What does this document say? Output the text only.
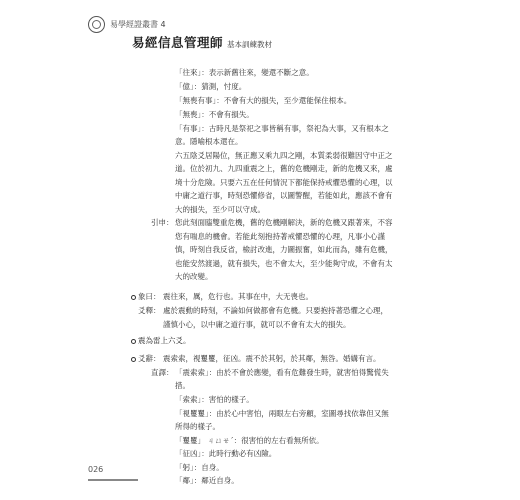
易學經證叢書 4
易經信息管理師 基本訓練教材
「往來」：表示新舊往來，變還不斷之意。
「億」：猜測，忖度。
「無喪有事」：不會有大的損失，至少還能保住根本。
「無喪」：不會有損失。
「有事」：古時凡是祭祀之事皆稱有事，祭祀為大事，又有根本之
意。隱喻根本還在。
六五陰爻居陽位，無正應又乘九四之剛，本質柔弱很難因守中正之
道。位於初九、九四重震之上，舊的危機剛走，新的危機又來，處
境十分危險。只要六五在任何情況下都能保持戒懼恐懼的心理，以
中庸之道行事，時刻恐懼修省，以圖警醒，若能如此，應該不會有
大的損失，至少可以守成。
引申： 您此刻面臨雙重危機，舊的危機剛解決，新的危機又跟著來，不容
您有喘息的機會。若能此刻抱持著戒懼恐懼的心理，凡事小心謹
慎，時刻自我反省，檢討改進，力圖振奮，如此而為，雖有危機，
也能安然渡過，就有損失，也不會太大，至少能夠守成，不會有太
大的改變。
象曰： 震往來，厲，危行也。其事在中，大无喪也。
爻釋： 處於震動的時刻，不論如何做都會有危機。只要抱持著恐懼之心理，
謹慎小心，以中庸之道行事，就可以不會有太大的損失。
震為雷上六爻。
爻辭： 震索索，視矍矍，征凶。震不於其躬，於其鄰，無咎。婚媾有言。
直譯： 「震索索」：由於不會於應變，看有危難發生時，就害怕得驚慌失
措。
「索索」：害怕的樣子。
「視矍矍」：由於心中害怕，兩眼左右旁顧，室圖尋找依靠但又無
所得的樣子。
「矍矍」 ㄐㄩㄝˊ：很害怕的左右看無所依。
「征凶」：此時行動必有凶險。
「躬」：自身。
「鄰」：鄰近自身。
026
